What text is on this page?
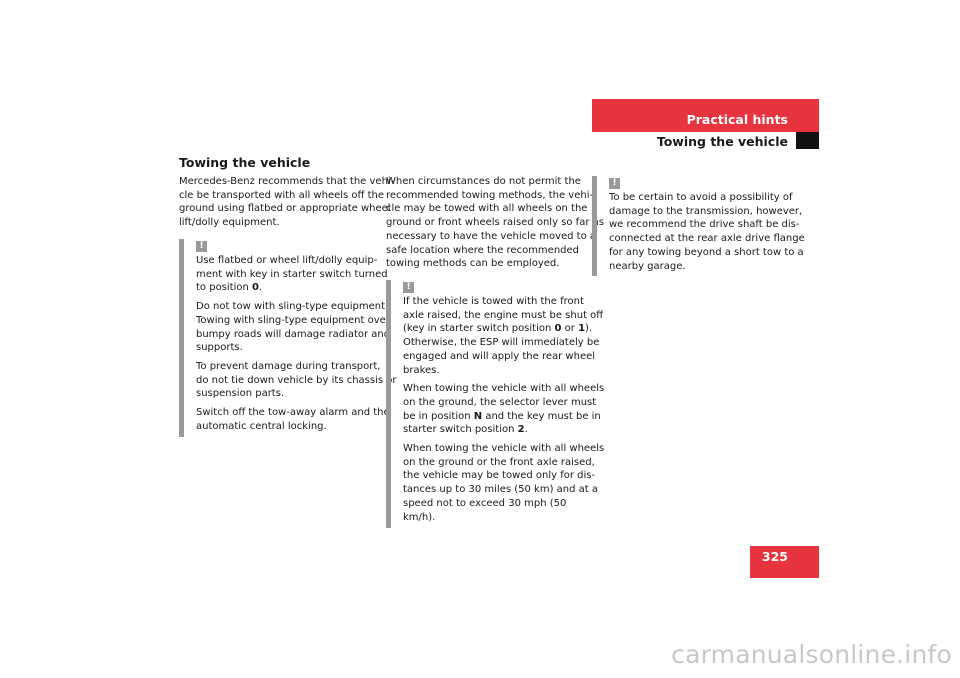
Practical hints
Towing the vehicle
Towing the vehicle

Mercedes-Benz recommends that the vehi-

cle be transported with all wheels off the

ground using flatbed or appropriate wheel

lift/dolly equipment.

When circumstances do not permit the

recommended towing methods, the vehi-

cle may be towed with all wheels on the

ground or front wheels raised only so far as

necessary to have the vehicle moved to a

safe location where the recommended

towing methods can be employed.

!

Use flatbed or wheel lift/dolly equip-
ment with key in starter switch turned
to position 0.

Do not tow with sling-type equipment.
Towing with sling-type equipment over
bumpy roads will damage radiator and
supports.

To prevent damage during transport,
do not tie down vehicle by its chassis or
suspension parts.

Switch off the tow-away alarm and the
automatic central locking.

!

If the vehicle is towed with the front
axle raised, the engine must be shut off
(key in starter switch position 0 or 1).
Otherwise, the ESP will immediately be
engaged and will apply the rear wheel
brakes.

When towing the vehicle with all wheels
on the ground, the selector lever must
be in position N and the key must be in
starter switch position 2.

When towing the vehicle with all wheels
on the ground or the front axle raised,
the vehicle may be towed only for dis-
tances up to 30 miles (50 km) and at a
speed not to exceed 30 mph (50
km/h).

!

To be certain to avoid a possibility of
damage to the transmission, however,
we recommend the drive shaft be dis-
connected at the rear axle drive flange
for any towing beyond a short tow to a
nearby garage.

325
carmanualsonline.info
